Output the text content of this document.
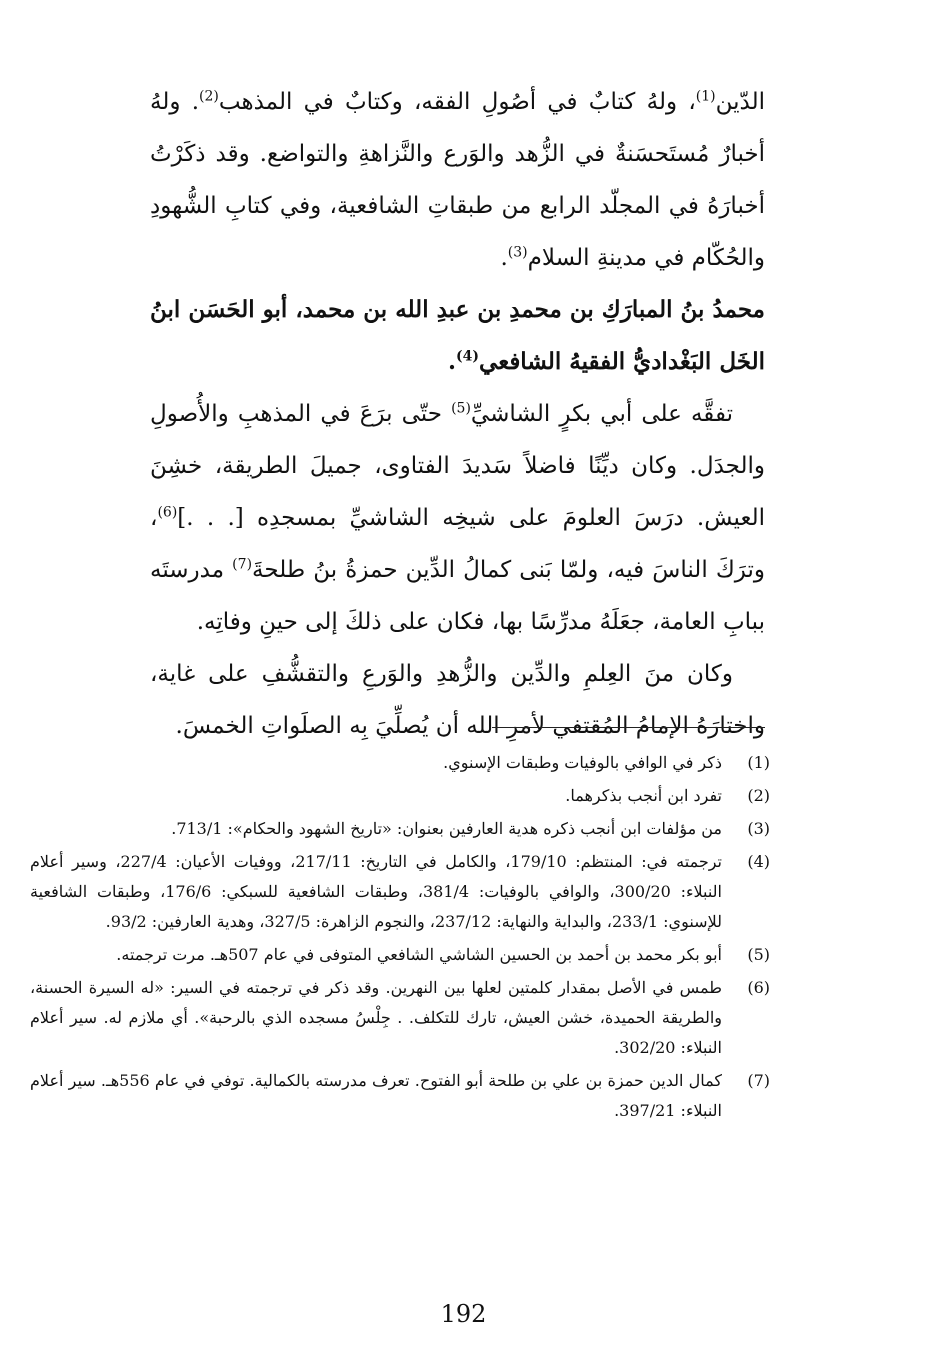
الدّين$^{(1)}$، ولهُ كتابٌ في أصُولِ الفقه، وكتابٌ في المذهب$^{(2)}$. ولهُ أخبارٌ مُستَحسَنةٌ في الزُّهد والوَرع والنَّزاهةِ والتواضع. وقد ذكَرْتُ أخبارَهُ في المجلّد الرابع من طبقاتِ الشافعية، وفي كتابِ الشُّهودِ والحُكّام في مدينةِ السلام$^{(3)}$.

محمدُ بنُ المبارَكِ بن محمدِ بن عبدِ الله بن محمد، أبو الحَسَن ابنُ الخَل البَغْداديُّ الفقيهُ الشافعي$^{(4)}$.

تفقَّه على أبي بكرٍ الشاشيِّ$^{(5)}$ حتّى برَعَ في المذهبِ والأُصولِ والجدَل. وكان ديِّنًا فاضلاً سَديدَ الفتاوى، جميلَ الطريقة، خشِنَ العيش. درَسَ العلومَ على شيخِه الشاشيِّ بمسجدِه [. . .]$^{(6)}$، وترَكَ الناسَ فيه، ولمّا بَنى كمالُ الدِّين حمزةُ بنُ طلحةَ$^{(7)}$ مدرستَه ببابِ العامة، جعَلَهُ مدرِّسًا بها، فكان على ذلكَ إلى حينِ وفاتِه.

وكان منَ العِلمِ والدِّين والزُّهدِ والوَرعِ والتقشُّفِ على غاية، واختارَهُ الإمامُ المُقتفي لأمرِ الله أن يُصلِّيَ بِه الصلَواتِ الخمسَ.

(1)
ذكر في الوافي بالوفيات وطبقات الإسنوي.
(2)
تفرد ابن أنجب بذكرهما.
(3)
من مؤلفات ابن أنجب ذكره هدية العارفين بعنوان: «تاريخ الشهود والحكام»: 713/1.
(4)
ترجمته في: المنتظم: 179/10، والكامل في التاريخ: 217/11، ووفيات الأعيان: 227/4، وسير أعلام النبلاء: 300/20، والوافي بالوفيات: 381/4، وطبقات الشافعية للسبكي: 176/6، وطبقات الشافعية للإسنوي: 233/1، والبداية والنهاية: 237/12، والنجوم الزاهرة: 327/5، وهدية العارفين: 93/2.
(5)
أبو بكر محمد بن أحمد بن الحسين الشاشي الشافعي المتوفى في عام 507هـ. مرت ترجمته.
(6)
طمس في الأصل بمقدار كلمتين لعلها بين النهرين. وقد ذكر في ترجمته في السير: «له السيرة الحسنة، والطريقة الحميدة، خشن العيش، تارك للتكلف. . جِلْسُ مسجده الذي بالرحبة». أي ملازم له. سير أعلام النبلاء: 302/20.
(7)
كمال الدين حمزة بن علي بن طلحة أبو الفتوح. تعرف مدرسته بالكمالية. توفي في عام 556هـ. سير أعلام النبلاء: 397/21.
192
